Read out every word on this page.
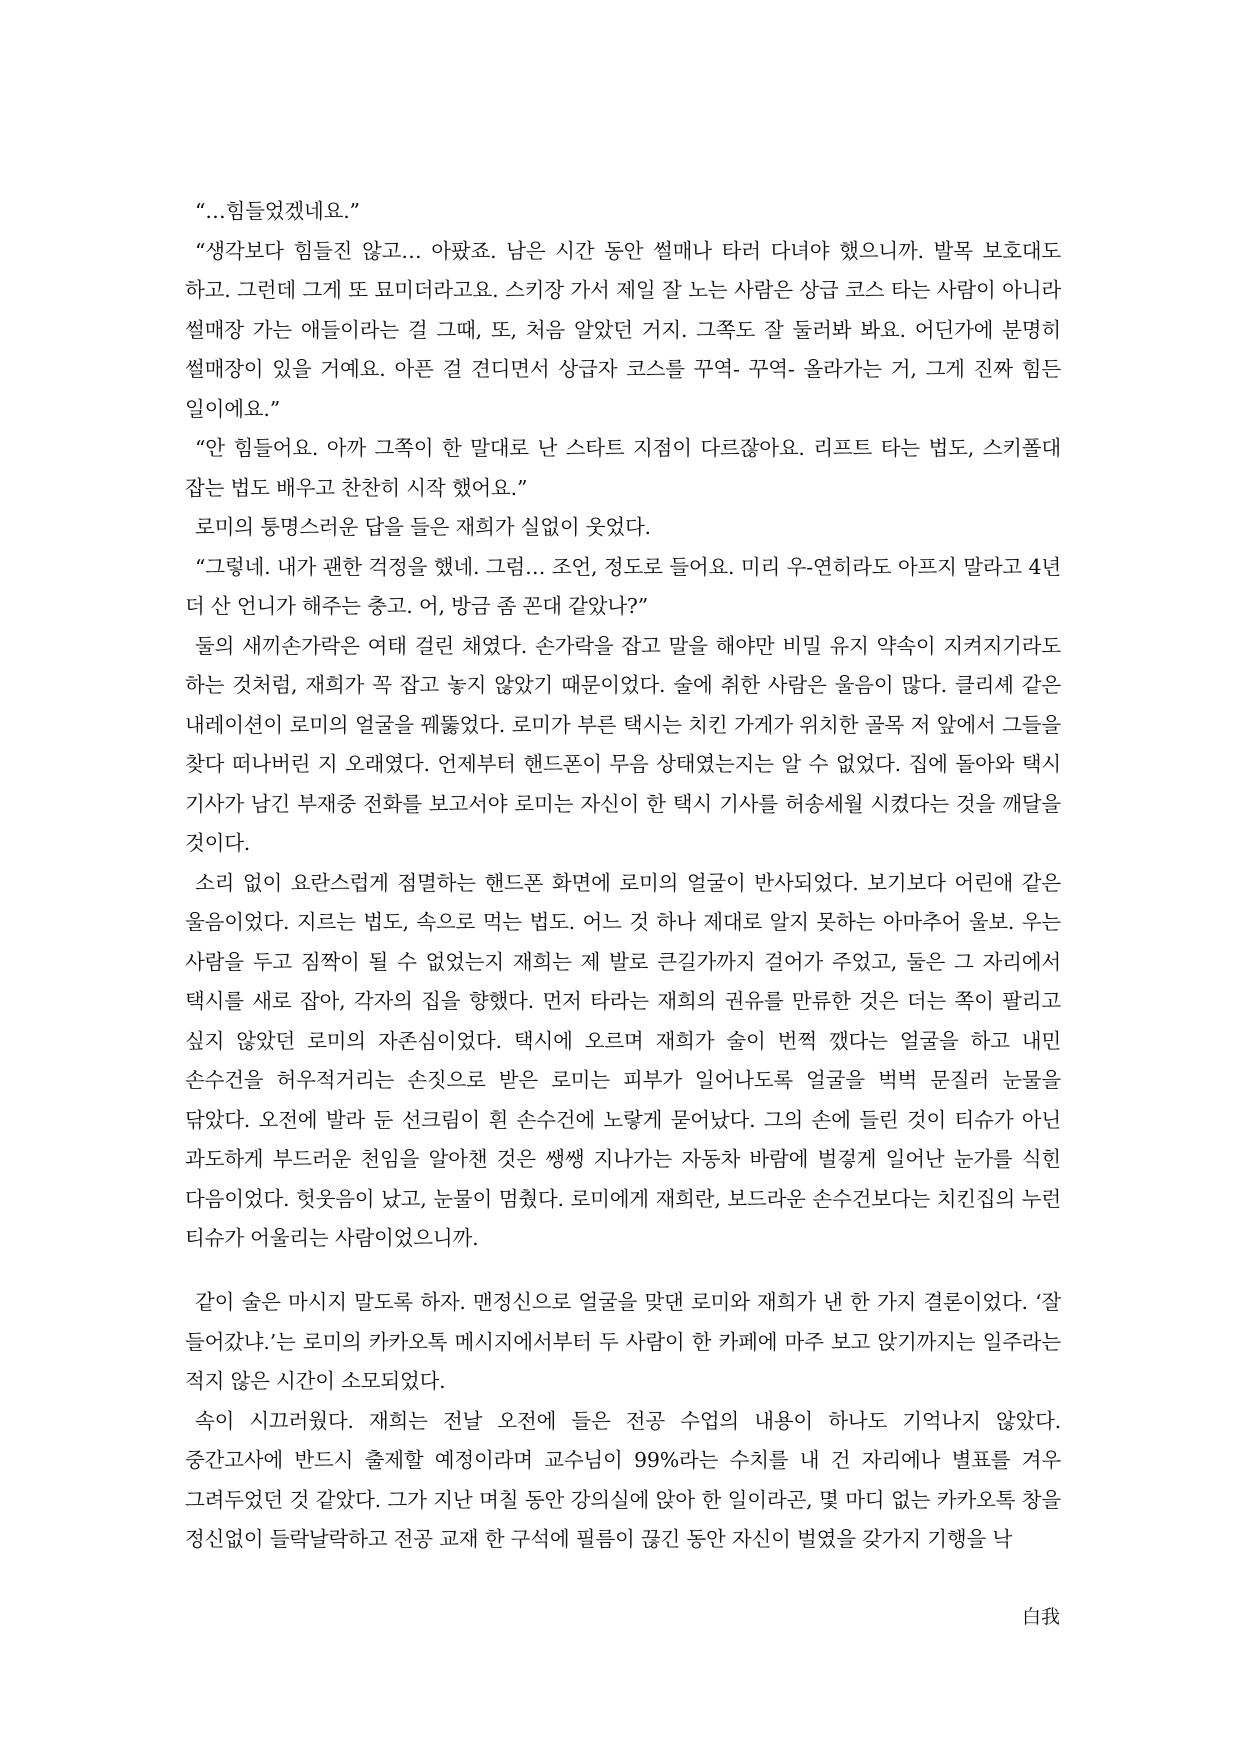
“…힘들었겠네요.”

“생각보다 힘들진 않고… 아팠죠. 남은 시간 동안 썰매나 타러 다녀야 했으니까. 발목 보호대도 하고. 그런데 그게 또 묘미더라고요. 스키장 가서 제일 잘 노는 사람은 상급 코스 타는 사람이 아니라 썰매장 가는 애들이라는 걸 그때, 또, 처음 알았던 거지. 그쪽도 잘 둘러봐 봐요. 어딘가에 분명히 썰매장이 있을 거예요. 아픈 걸 견디면서 상급자 코스를 꾸역- 꾸역- 올라가는 거, 그게 진짜 힘든 일이에요.”

“안 힘들어요. 아까 그쪽이 한 말대로 난 스타트 지점이 다르잖아요. 리프트 타는 법도, 스키폴대 잡는 법도 배우고 찬찬히 시작 했어요.”

로미의 퉁명스러운 답을 들은 재희가 실없이 웃었다.

“그렇네. 내가 괜한 걱정을 했네. 그럼… 조언, 정도로 들어요. 미리 우-연히라도 아프지 말라고 4년 더 산 언니가 해주는 충고. 어, 방금 좀 꼰대 같았나?”

둘의 새끼손가락은 여태 걸린 채였다. 손가락을 잡고 말을 해야만 비밀 유지 약속이 지켜지기라도 하는 것처럼, 재희가 꼭 잡고 놓지 않았기 때문이었다. 술에 취한 사람은 울음이 많다. 클리셰 같은 내레이션이 로미의 얼굴을 꿰뚫었다. 로미가 부른 택시는 치킨 가게가 위치한 골목 저 앞에서 그들을 찾다 떠나버린 지 오래였다. 언제부터 핸드폰이 무음 상태였는지는 알 수 없었다. 집에 돌아와 택시 기사가 남긴 부재중 전화를 보고서야 로미는 자신이 한 택시 기사를 허송세월 시켰다는 것을 깨달을 것이다.

소리 없이 요란스럽게 점멸하는 핸드폰 화면에 로미의 얼굴이 반사되었다. 보기보다 어린애 같은 울음이었다. 지르는 법도, 속으로 먹는 법도. 어느 것 하나 제대로 알지 못하는 아마추어 울보. 우는 사람을 두고 짐짝이 될 수 없었는지 재희는 제 발로 큰길가까지 걸어가 주었고, 둘은 그 자리에서 택시를 새로 잡아, 각자의 집을 향했다. 먼저 타라는 재희의 권유를 만류한 것은 더는 쪽이 팔리고 싶지 않았던 로미의 자존심이었다. 택시에 오르며 재희가 술이 번쩍 깼다는 얼굴을 하고 내민 손수건을 허우적거리는 손짓으로 받은 로미는 피부가 일어나도록 얼굴을 벅벅 문질러 눈물을 닦았다. 오전에 발라 둔 선크림이 흰 손수건에 노랗게 묻어났다. 그의 손에 들린 것이 티슈가 아닌 과도하게 부드러운 천임을 알아챈 것은 쌩쌩 지나가는 자동차 바람에 벌겋게 일어난 눈가를 식힌 다음이었다. 헛웃음이 났고, 눈물이 멈췄다. 로미에게 재희란, 보드라운 손수건보다는 치킨집의 누런 티슈가 어울리는 사람이었으니까.

같이 술은 마시지 말도록 하자. 맨정신으로 얼굴을 맞댄 로미와 재희가 낸 한 가지 결론이었다. ‘잘 들어갔냐.’는 로미의 카카오톡 메시지에서부터 두 사람이 한 카페에 마주 보고 앉기까지는 일주라는 적지 않은 시간이 소모되었다.

속이 시끄러웠다. 재희는 전날 오전에 들은 전공 수업의 내용이 하나도 기억나지 않았다. 중간고사에 반드시 출제할 예정이라며 교수님이 99%라는 수치를 내 건 자리에나 별표를 겨우 그려두었던 것 같았다. 그가 지난 며칠 동안 강의실에 앉아 한 일이라곤, 몇 마디 없는 카카오톡 창을 정신없이 들락날락하고 전공 교재 한 구석에 필름이 끊긴 동안 자신이 벌였을 갖가지 기행을 낙

白我
